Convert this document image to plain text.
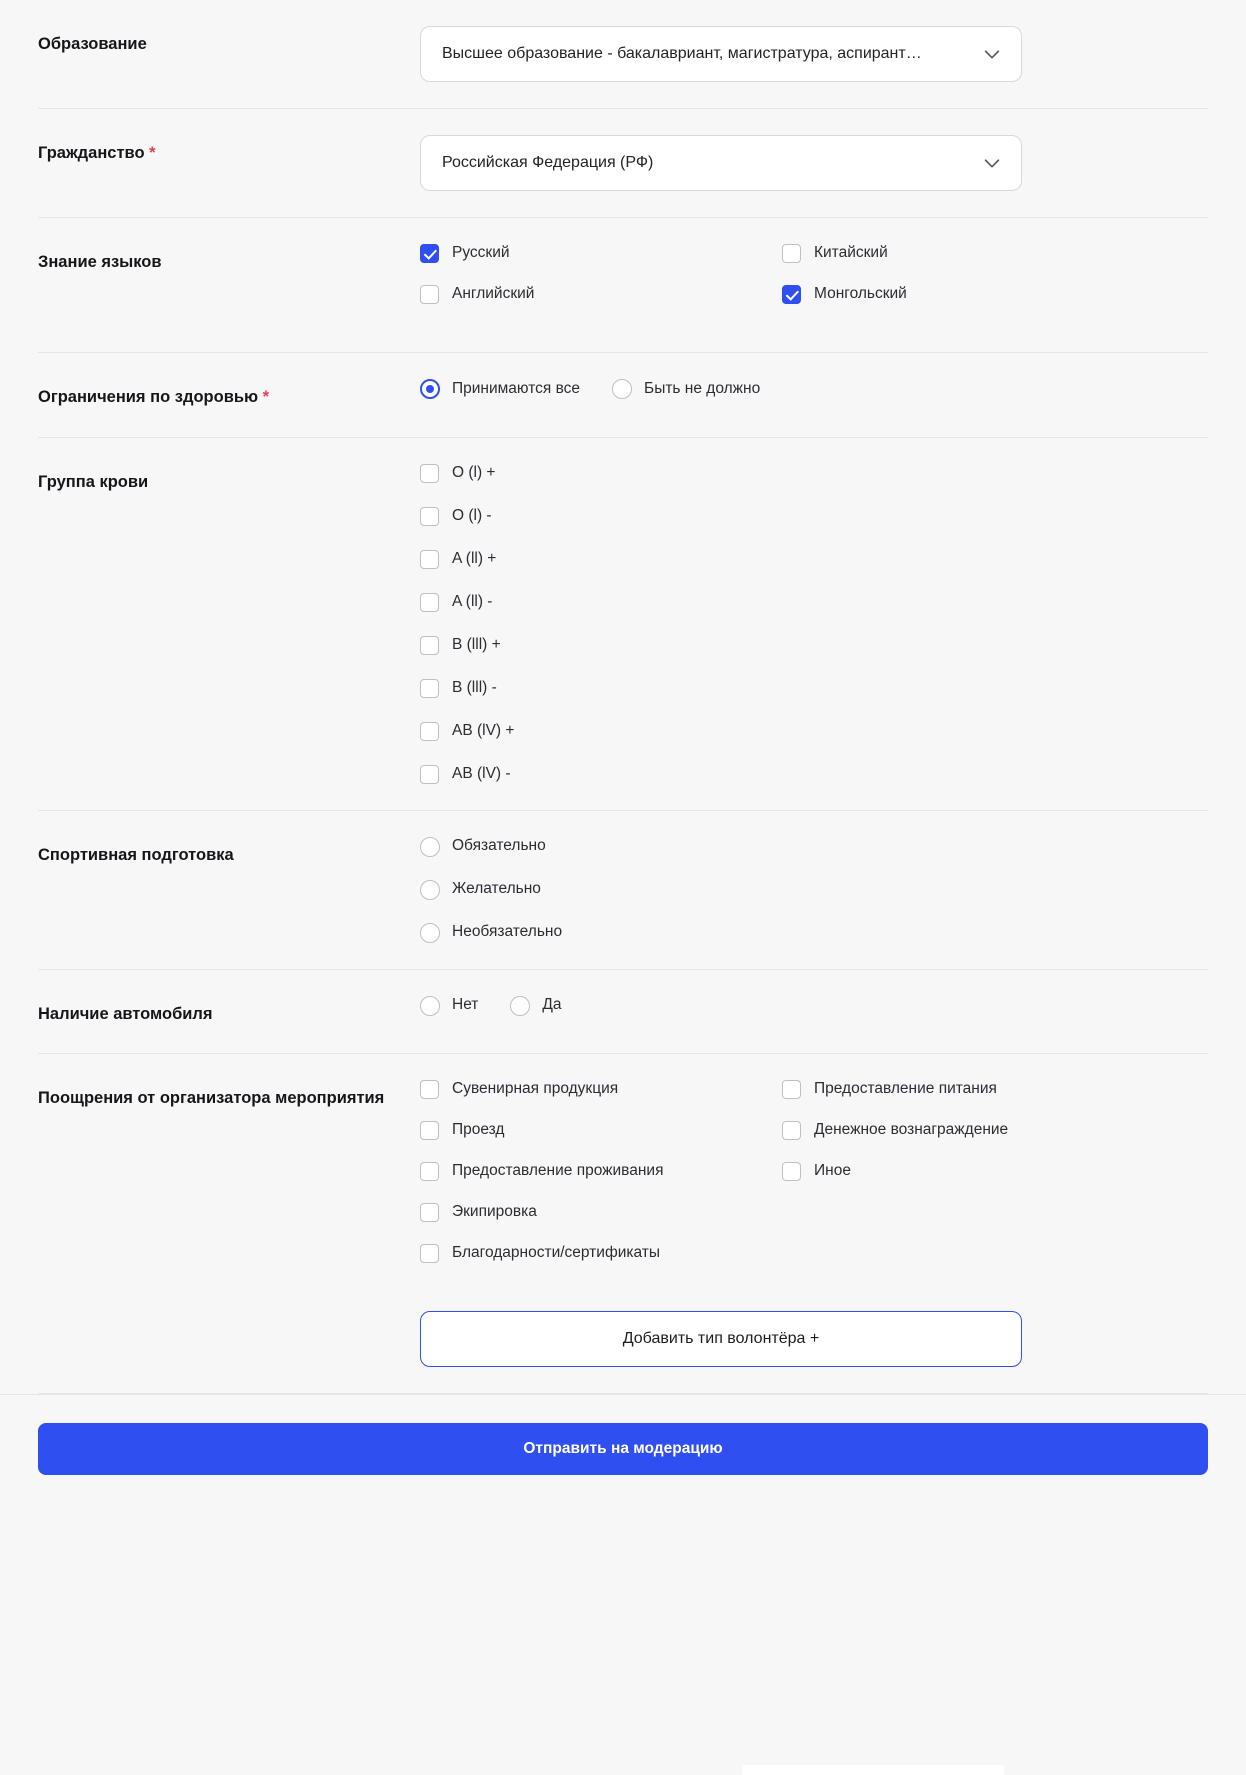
Образование
Высшее образование - бакалавриант, магистратура, аспирант…
Гражданство *
Российская Федерация (РФ)
Знание языков
Русский	Китайский
Английский	Монгольский
Ограничения по здоровью *	Принимаются все	Быть не должно
Группа крови
O (l) +
O (l) -
A (ll) +
A (ll) -
B (lll) +
B (lll) -
AB (lV) +
AB (lV) -
Спортивная подготовка	Обязательно
Желательно
Необязательно
Наличие автомобиля	Нет	Да
Поощрения от организатора мероприятия
Сувенирная продукция	Предоставление питания
Проезд	Денежное вознаграждение
Предоставление проживания	Иное
Экипировка
Благодарности/сертификаты
Добавить тип волонтёра +
Отправить на модерацию
